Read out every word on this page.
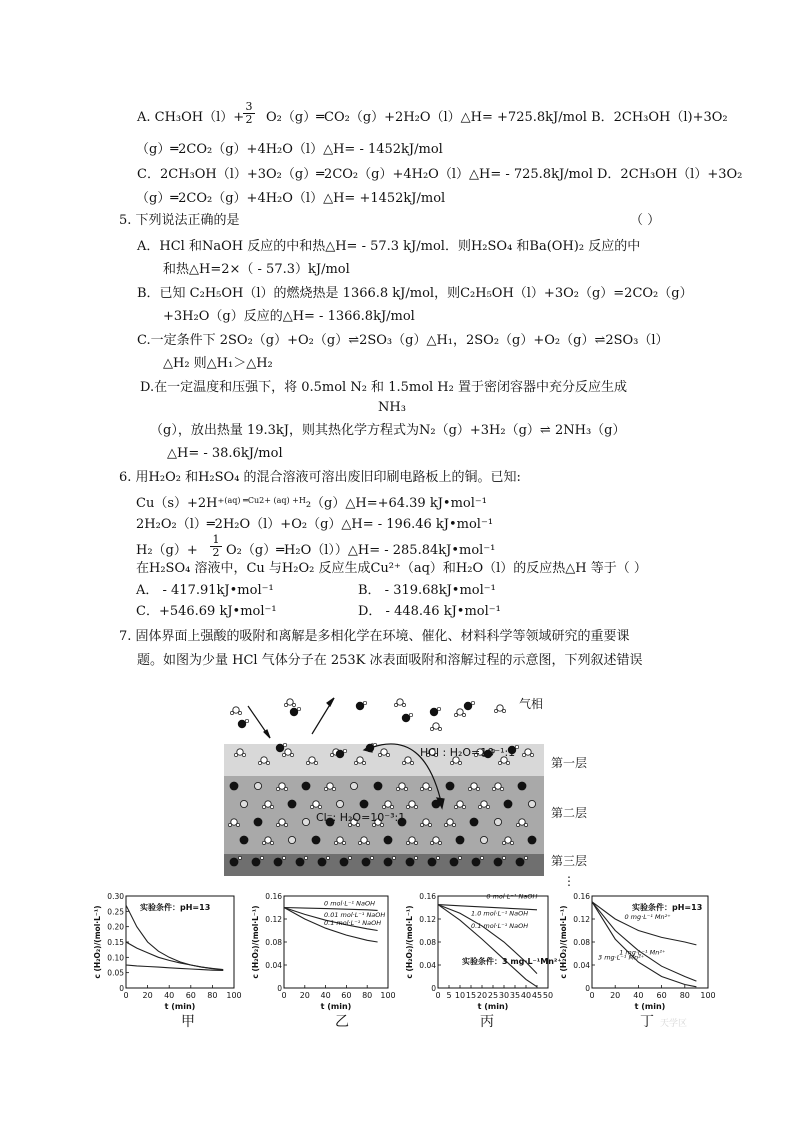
A. CH₃OH（l）+
$\frac{3}{2}$ O₂（g）═CO₂（g）+2H₂O（l）△H= +725.8kJ/mol B．2CH₃OH（l)+3O₂
（g）═2CO₂（g）+4H₂O（l）△H= - 1452kJ/mol
C．2CH₃OH（l）+3O₂（g）═2CO₂（g）+4H₂O（l）△H= - 725.8kJ/mol D．2CH₃OH（l）+3O₂
（g）═2CO₂（g）+4H₂O（l）△H= +1452kJ/mol
5. 下列说法正确的是	（ ）
A．HCl 和NaOH 反应的中和热△H= - 57.3 kJ/mol．则H₂SO₄ 和Ba(OH)₂ 反应的中
和热△H=2×（ - 57.3）kJ/mol
B．已知 C₂H₅OH（l）的燃烧热是 1366.8 kJ/mol，则C₂H₅OH（l）+3O₂（g）=2CO₂（g）
+3H₂O（g）反应的△H= - 1366.8kJ/mol
C.一定条件下 2SO₂（g）+O₂（g）⇌2SO₃（g）△H₁，2SO₂（g）+O₂（g）⇌2SO₃（l）
△H₂ 则△H₁＞△H₂
D.在一定温度和压强下，将 0.5mol N₂ 和 1.5mol H₂ 置于密闭容器中充分反应生成
NH₃
（g），放出热量 19.3kJ，则其热化学方程式为N₂（g）+3H₂（g）⇌ 2NH₃（g）
△H= - 38.6kJ/mol
6. 用H₂O₂ 和H₂SO₄ 的混合溶液可溶出废旧印刷电路板上的铜。已知:
Cu（s）+2H⁺$^{(aq) ═Cu2+ (aq) +H}$₂（g）△H=+64.39 kJ•mol⁻¹
2H₂O₂（l）═2H₂O（l）+O₂（g）△H= - 196.46 kJ•mol⁻¹
$H_2(g)+ \frac{1}{2}$ O₂（g）═H₂O（l））△H= - 285.84kJ•mol⁻¹
在H₂SO₄ 溶液中，Cu 与H₂O₂ 反应生成Cu²⁺（aq）和H₂O（l）的反应热△H 等于（ ）
A． - 417.91kJ•mol⁻¹	B． - 319.68kJ•mol⁻¹
C．+546.69 kJ•mol⁻¹	D． - 448.46 kJ•mol⁻¹
7. 固体界面上强酸的吸附和离解是多相化学在环境、催化、材料科学等领域研究的重要课
题。如图为少量 HCl 气体分子在 253K 冰表面吸附和溶解过程的示意图，下列叙述错误
HCl : H₂O=10⁻¹:1
Cl⁻: H₂O=10⁻³:1
气相
第一层
第二层
第三层
⋮
0 20 40 60 80 100
0
0.05
0.10
0.15
0.20
0.25
0.30
t (min)
c (H₂O₂)/(mol·L⁻¹)	实验条件：pH=13
0 20 40 60 80 100
0
0.04
0.08
0.12
0.16
t (min)
c (H₂O₂)/(mol·L⁻¹)
0 mol·L⁻¹ NaOH
0.01 mol·L⁻¹ NaOH
0.1 mol·L⁻¹ NaOH
0 5 10 15 20 25 30 35 40 45 50
0
0.04
0.08
0.12
0.16
t (min)
c (H₂O₂)/(mol·L⁻¹)
0 mol·L⁻¹ NaOH
1.0 mol·L⁻¹ NaOH
0.1 mol·L⁻¹ NaOH
实验条件：3 mg·L⁻¹Mn²⁺
0 20 40 60 80 100
0
0.04
0.08
0.12
0.16
t (min)
c (H₂O₂)/(mol·L⁻¹)	0 mg·L⁻¹ Mn²⁺
1 mg·L⁻¹ Mn²⁺
3 mg·L⁻¹ Mn²⁺
实验条件：pH=13
甲	乙	丙	丁 天学区
